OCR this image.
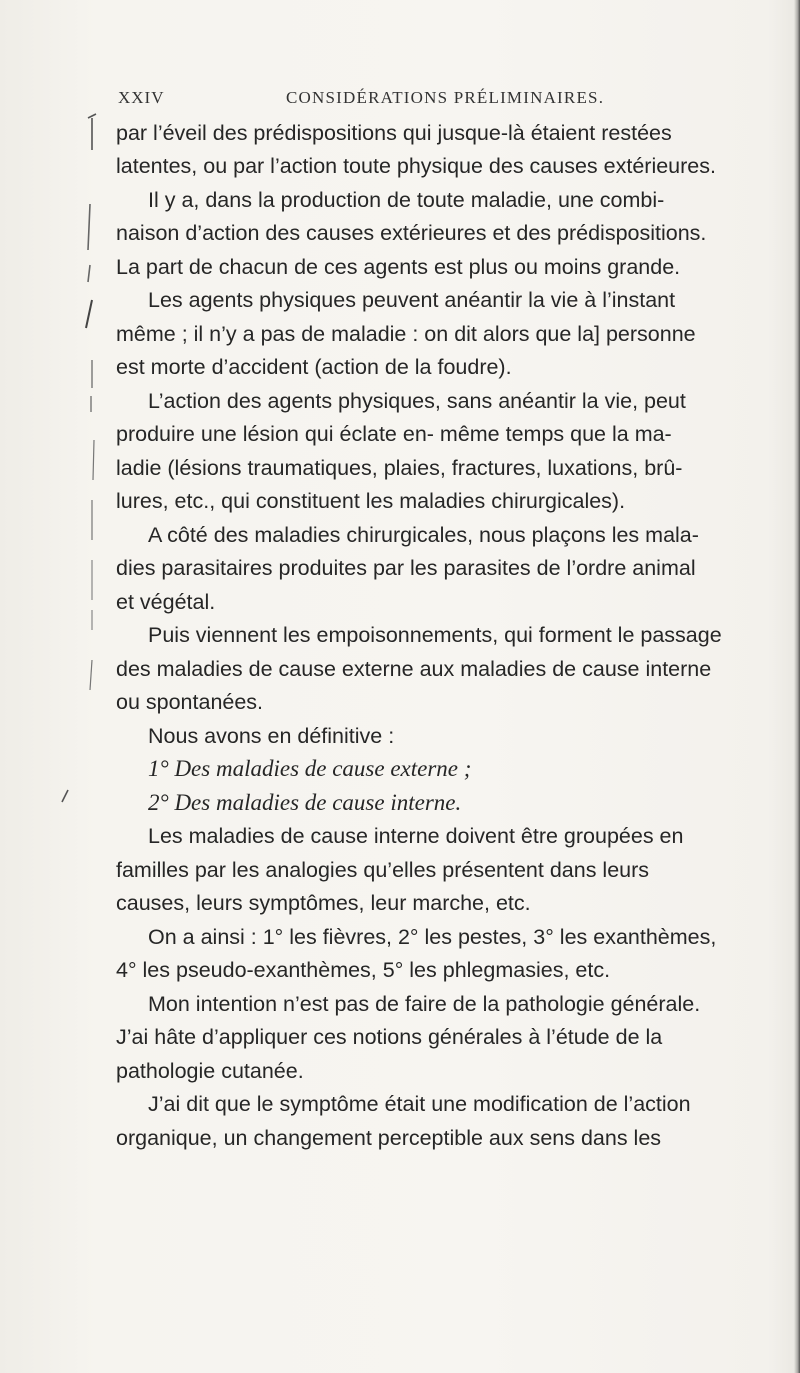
XXIV	CONSIDÉRATIONS PRÉLIMINAIRES.
par l’éveil des prédispositions qui jusque-là étaient restées
latentes, ou par l’action toute physique des causes extérieures.
Il y a, dans la production de toute maladie, une combi-
naison d’action des causes extérieures et des prédispositions.
La part de chacun de ces agents est plus ou moins grande.
Les agents physiques peuvent anéantir la vie à l’instant
même ; il n’y a pas de maladie : on dit alors que la] personne
est morte d’accident (action de la foudre).
L’action des agents physiques, sans anéantir la vie, peut
produire une lésion qui éclate en- même temps que la ma-
ladie (lésions traumatiques, plaies, fractures, luxations, brû-
lures, etc., qui constituent les maladies chirurgicales).
A côté des maladies chirurgicales, nous plaçons les mala-
dies parasitaires produites par les parasites de l’ordre animal
et végétal.
Puis viennent les empoisonnements, qui forment le passage
des maladies de cause externe aux maladies de cause interne
ou spontanées.
Nous avons en définitive :
1° Des maladies de cause externe ;
2° Des maladies de cause interne.
Les maladies de cause interne doivent être groupées en
familles par les analogies qu’elles présentent dans leurs
causes, leurs symptômes, leur marche, etc.
On a ainsi : 1° les fièvres, 2° les pestes, 3° les exanthèmes,
4° les pseudo-exanthèmes, 5° les phlegmasies, etc.
Mon intention n’est pas de faire de la pathologie générale.
J’ai hâte d’appliquer ces notions générales à l’étude de la
pathologie cutanée.
J’ai dit que le symptôme était une modification de l’action
organique, un changement perceptible aux sens dans les
